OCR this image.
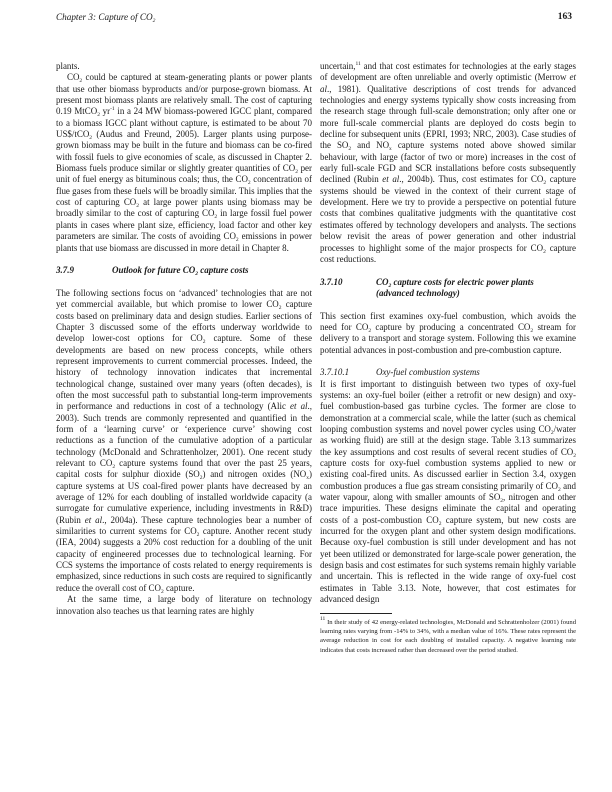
Chapter 3: Capture of $CO_2$	163

plants.

$CO_2$ could be captured at steam-generating plants or power plants that use other biomass byproducts and/or purpose-grown biomass. At present most biomass plants are relatively small. The cost of capturing 0.19 MtCO$_2$ $yr^{-1}$ in a 24 MW biomass-powered IGCC plant, compared to a biomass IGCC plant without capture, is estimated to be about 70 US$/tCO$_2$ (Audus and Freund, 2005). Larger plants using purpose-grown biomass may be built in the future and biomass can be co-fired with fossil fuels to give economies of scale, as discussed in Chapter 2. Biomass fuels produce similar or slightly greater quantities of $CO_2$ per unit of fuel energy as bituminous coals; thus, the $CO_2$ concentration of flue gases from these fuels will be broadly similar. This implies that the cost of capturing $CO_2$ at large power plants using biomass may be broadly similar to the cost of capturing $CO_2$ in large fossil fuel power plants in cases where plant size, efficiency, load factor and other key parameters are similar. The costs of avoiding $CO_2$ emissions in power plants that use biomass are discussed in more detail in Chapter 8.

3.7.9	Outlook for future $CO_2$ capture costs

The following sections focus on ‘advanced’ technologies that are not yet commercial available, but which promise to lower $CO_2$ capture costs based on preliminary data and design studies. Earlier sections of Chapter 3 discussed some of the efforts underway worldwide to develop lower-cost options for $CO_2$ capture. Some of these developments are based on new process concepts, while others represent improvements to current commercial processes. Indeed, the history of technology innovation indicates that incremental technological change, sustained over many years (often decades), is often the most successful path to substantial long-term improvements in performance and reductions in cost of a technology (Alic et al., 2003). Such trends are commonly represented and quantified in the form of a ‘learning curve’ or ‘experience curve’ showing cost reductions as a function of the cumulative adoption of a particular technology (McDonald and Schrattenholzer, 2001). One recent study relevant to $CO_2$ capture systems found that over the past 25 years, capital costs for sulphur dioxide $(SO_2)$ and nitrogen oxides $(NO_x)$ capture systems at US coal-fired power plants have decreased by an average of 12% for each doubling of installed worldwide capacity (a surrogate for cumulative experience, including investments in R&D) (Rubin et al., 2004a). These capture technologies bear a number of similarities to current systems for $CO_2$ capture. Another recent study (IEA, 2004) suggests a 20% cost reduction for a doubling of the unit capacity of engineered processes due to technological learning. For CCS systems the importance of costs related to energy requirements is emphasized, since reductions in such costs are required to significantly reduce the overall cost of $CO_2$ capture.

At the same time, a large body of literature on technology innovation also teaches us that learning rates are highly

uncertain,$^{11}$ and that cost estimates for technologies at the early stages of development are often unreliable and overly optimistic (Merrow et al., 1981). Qualitative descriptions of cost trends for advanced technologies and energy systems typically show costs increasing from the research stage through full-scale demonstration; only after one or more full-scale commercial plants are deployed do costs begin to decline for subsequent units (EPRI, 1993; NRC, 2003). Case studies of the $SO_2$ and $NO_x$ capture systems noted above showed similar behaviour, with large (factor of two or more) increases in the cost of early full-scale FGD and SCR installations before costs subsequently declined (Rubin et al., 2004b). Thus, cost estimates for $CO_2$ capture systems should be viewed in the context of their current stage of development. Here we try to provide a perspective on potential future costs that combines qualitative judgments with the quantitative cost estimates offered by technology developers and analysts. The sections below revisit the areas of power generation and other industrial processes to highlight some of the major prospects for $CO_2$ capture cost reductions.

3.7.10	$CO_2$ capture costs for electric power plants
(advanced technology)

This section first examines oxy-fuel combustion, which avoids the need for $CO_2$ capture by producing a concentrated $CO_2$ stream for delivery to a transport and storage system. Following this we examine potential advances in post-combustion and pre-combustion capture.

3.7.10.1	Oxy-fuel combustion systems

It is first important to distinguish between two types of oxy-fuel systems: an oxy-fuel boiler (either a retrofit or new design) and oxy-fuel combustion-based gas turbine cycles. The former are close to demonstration at a commercial scale, while the latter (such as chemical looping combustion systems and novel power cycles using $CO_2$/water as working fluid) are still at the design stage. Table 3.13 summarizes the key assumptions and cost results of several recent studies of $CO_2$ capture costs for oxy-fuel combustion systems applied to new or existing coal-fired units. As discussed earlier in Section 3.4, oxygen combustion produces a flue gas stream consisting primarily of $CO_2$ and water vapour, along with smaller amounts of $SO_2$, nitrogen and other trace impurities. These designs eliminate the capital and operating costs of a post-combustion $CO_2$ capture system, but new costs are incurred for the oxygen plant and other system design modifications. Because oxy-fuel combustion is still under development and has not yet been utilized or demonstrated for large-scale power generation, the design basis and cost estimates for such systems remain highly variable and uncertain. This is reflected in the wide range of oxy-fuel cost estimates in Table 3.13. Note, however, that cost estimates for advanced design

$^{11}$ In their study of 42 energy-related technologies, McDonald and Schrattenholzer (2001) found learning rates varying from -14% to 34%, with a median value of 16%. These rates represent the average reduction in cost for each doubling of installed capacity. A negative learning rate indicates that costs increased rather than decreased over the period studied.
